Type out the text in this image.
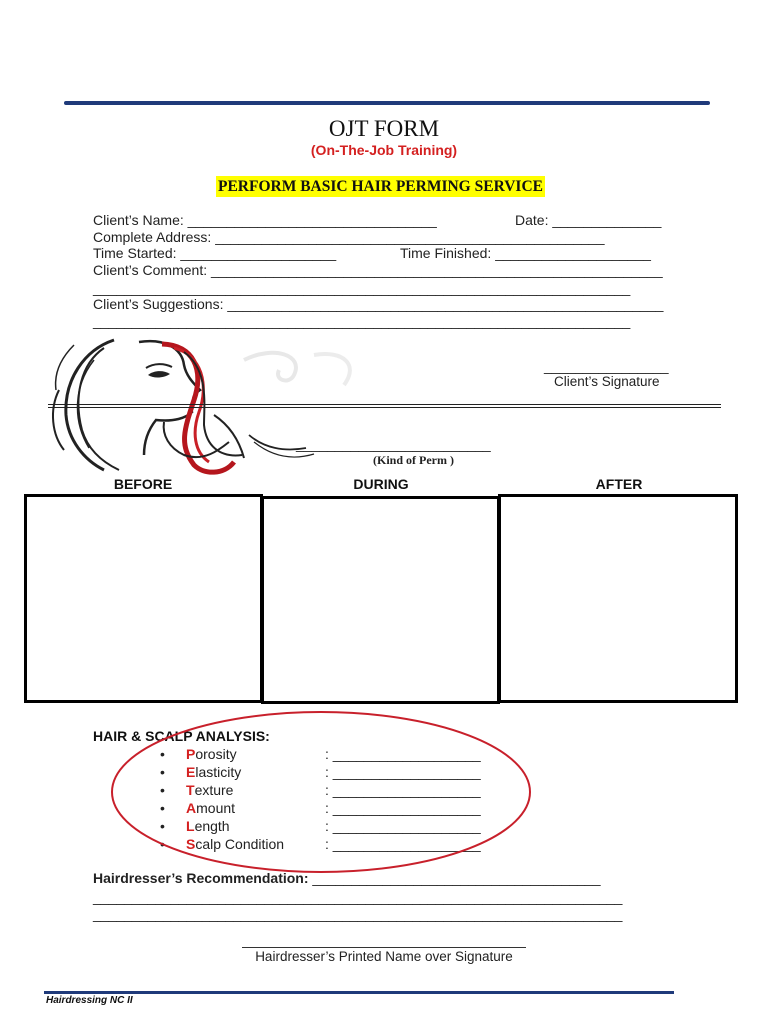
OJT FORM
(On-The-Job Training)
PERFORM BASIC HAIR PERMING SERVICE
Client’s Name: ________________________________	Date: ______________
Complete Address: __________________________________________________
Time Started: ____________________	Time Finished: ____________________
Client’s Comment: __________________________________________________________
_____________________________________________________________________
Client’s Suggestions: ________________________________________________________
_____________________________________________________________________
________________
Client’s Signature
_________________________
(Kind of Perm )
BEFORE	DURING	AFTER
HAIR & SCALP ANALYSIS:
• Porosity	: ___________________
• Elasticity	: ___________________
• Texture	: ___________________
• Amount	: ___________________
• Length	: ___________________
• Scalp Condition	: ___________________
Hairdresser’s Recommendation: _____________________________________
____________________________________________________________________
____________________________________________________________________
Hairdresser’s Printed Name over Signature
Hairdressing NC II
